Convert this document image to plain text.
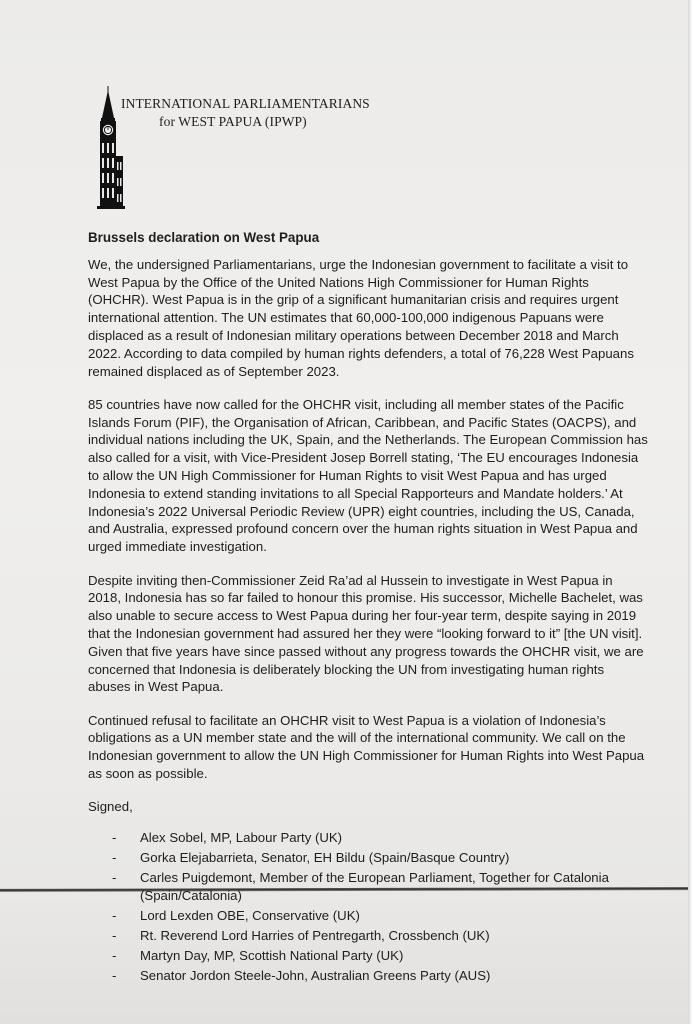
INTERNATIONAL PARLIAMENTARIANS
for WEST PAPUA (IPWP)

Brussels declaration on West Papua

We, the undersigned Parliamentarians, urge the Indonesian government to facilitate a visit to West Papua by the Office of the United Nations High Commissioner for Human Rights (OHCHR). West Papua is in the grip of a significant humanitarian crisis and requires urgent international attention. The UN estimates that 60,000-100,000 indigenous Papuans were displaced as a result of Indonesian military operations between December 2018 and March 2022. According to data compiled by human rights defenders, a total of 76,228 West Papuans remained displaced as of September 2023.

85 countries have now called for the OHCHR visit, including all member states of the Pacific Islands Forum (PIF), the Organisation of African, Caribbean, and Pacific States (OACPS), and individual nations including the UK, Spain, and the Netherlands. The European Commission has also called for a visit, with Vice-President Josep Borrell stating, ‘The EU encourages Indonesia to allow the UN High Commissioner for Human Rights to visit West Papua and has urged Indonesia to extend standing invitations to all Special Rapporteurs and Mandate holders.’ At Indonesia’s 2022 Universal Periodic Review (UPR) eight countries, including the US, Canada, and Australia, expressed profound concern over the human rights situation in West Papua and urged immediate investigation.

Despite inviting then-Commissioner Zeid Ra’ad al Hussein to investigate in West Papua in 2018, Indonesia has so far failed to honour this promise. His successor, Michelle Bachelet, was also unable to secure access to West Papua during her four-year term, despite saying in 2019 that the Indonesian government had assured her they were “looking forward to it” [the UN visit]. Given that five years have since passed without any progress towards the OHCHR visit, we are concerned that Indonesia is deliberately blocking the UN from investigating human rights abuses in West Papua.

Continued refusal to facilitate an OHCHR visit to West Papua is a violation of Indonesia’s obligations as a UN member state and the will of the international community. We call on the Indonesian government to allow the UN High Commissioner for Human Rights into West Papua as soon as possible.

Signed,

- Alex Sobel, MP, Labour Party (UK)
- Gorka Elejabarrieta, Senator, EH Bildu (Spain/Basque Country)
- Carles Puigdemont, Member of the European Parliament, Together for Catalonia (Spain/Catalonia)
- Lord Lexden OBE, Conservative (UK)
- Rt. Reverend Lord Harries of Pentregarth, Crossbench (UK)
- Martyn Day, MP, Scottish National Party (UK)
- Senator Jordon Steele-John, Australian Greens Party (AUS)
